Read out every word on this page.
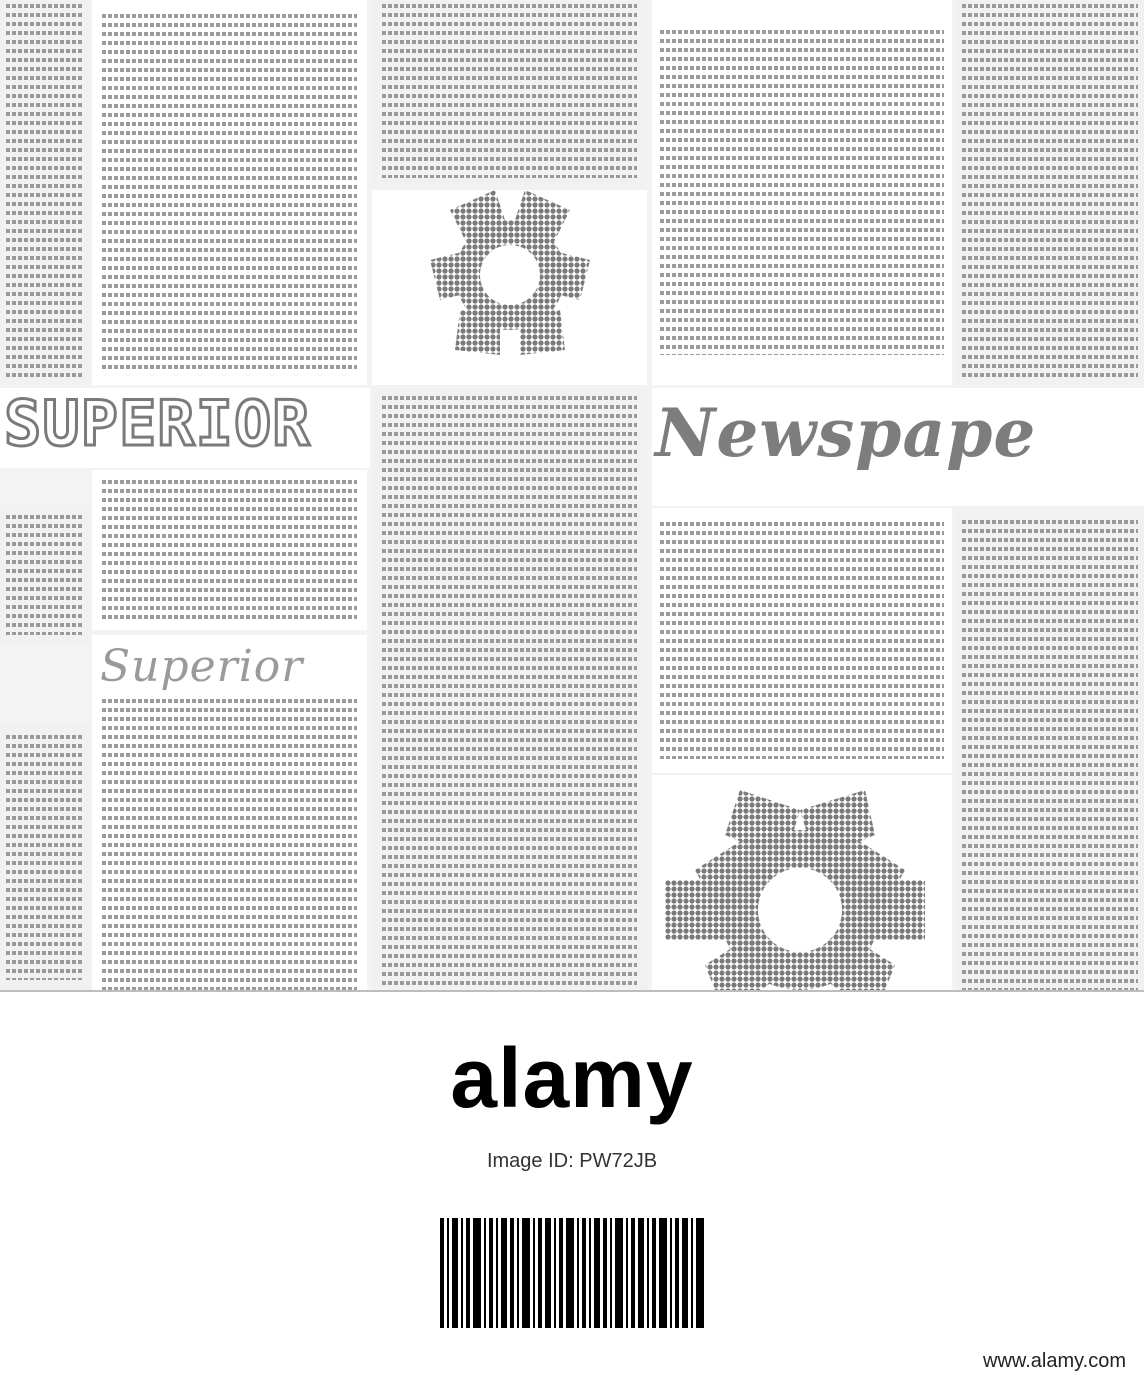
SUPERIOR	Newspape
Superior
alamy
Image ID: PW72JB
www.alamy.com
